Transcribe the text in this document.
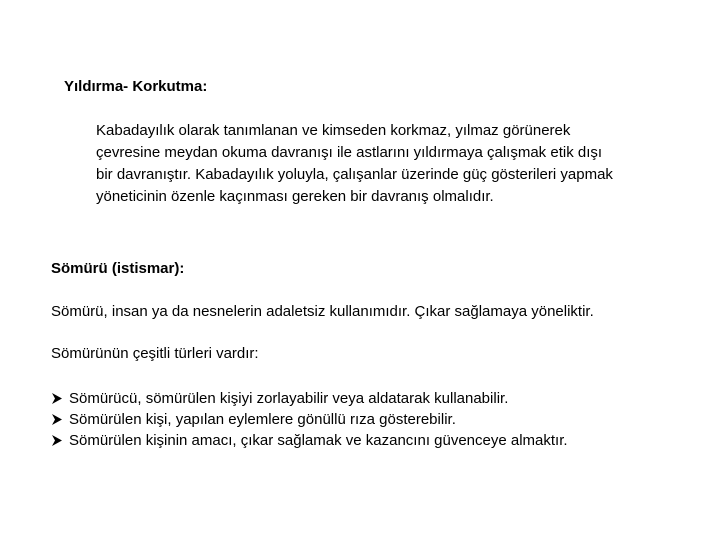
Yıldırma- Korkutma:
Kabadayılık olarak tanımlanan ve kimseden korkmaz, yılmaz görünerek
çevresine meydan okuma davranışı ile astlarını yıldırmaya çalışmak etik dışı
bir davranıştır. Kabadayılık yoluyla, çalışanlar üzerinde güç gösterileri yapmak
yöneticinin özenle kaçınması gereken bir davranış olmalıdır.
Sömürü (istismar):
Sömürü, insan ya da nesnelerin adaletsiz kullanımıdır. Çıkar sağlamaya yöneliktir.
Sömürünün çeşitli türleri vardır:
Sömürücü, sömürülen kişiyi zorlayabilir veya aldatarak kullanabilir.
Sömürülen kişi, yapılan eylemlere gönüllü rıza gösterebilir.
Sömürülen kişinin amacı, çıkar sağlamak ve kazancını güvenceye almaktır.
